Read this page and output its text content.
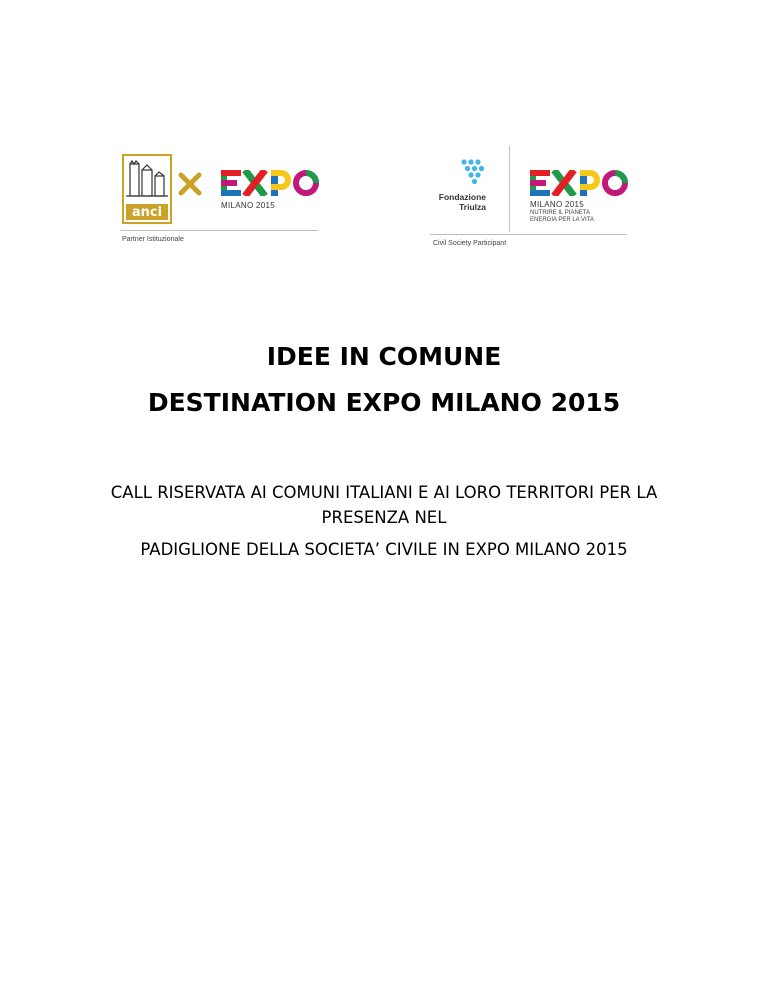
anci	MILANO 2015
Partner Istituzionale
Fondazione
Triulza	MILANO 2015
NUTRIRE IL PIANETA
ENERGIA PER LA VITA
Civil Society Participant
IDEE IN COMUNE
DESTINATION EXPO MILANO 2015
CALL RISERVATA AI COMUNI ITALIANI E AI LORO TERRITORI PER LA
PRESENZA NEL
PADIGLIONE DELLA SOCIETA’ CIVILE IN EXPO MILANO 2015
